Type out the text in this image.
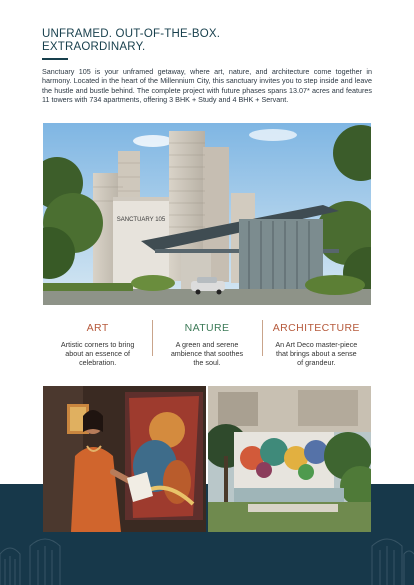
UNFRAMED. OUT-OF-THE-BOX.
EXTRAORDINARY.

Sanctuary 105 is your unframed getaway, where art, nature, and architecture come together in harmony. Located in the heart of the Millennium City, this sanctuary invites you to step inside and leave the hustle and bustle behind. The complete project with future phases spans 13.07* acres and features 11 towers with 734 apartments, offering 3 BHK + Study and 4 BHK + Servant.

SANCTUARY 105
ART
Artistic corners to bring about an essence of celebration.
NATURE
A green and serene ambience that soothes the soul.
ARCHITECTURE
An Art Deco master-piece that brings about a sense of grandeur.
